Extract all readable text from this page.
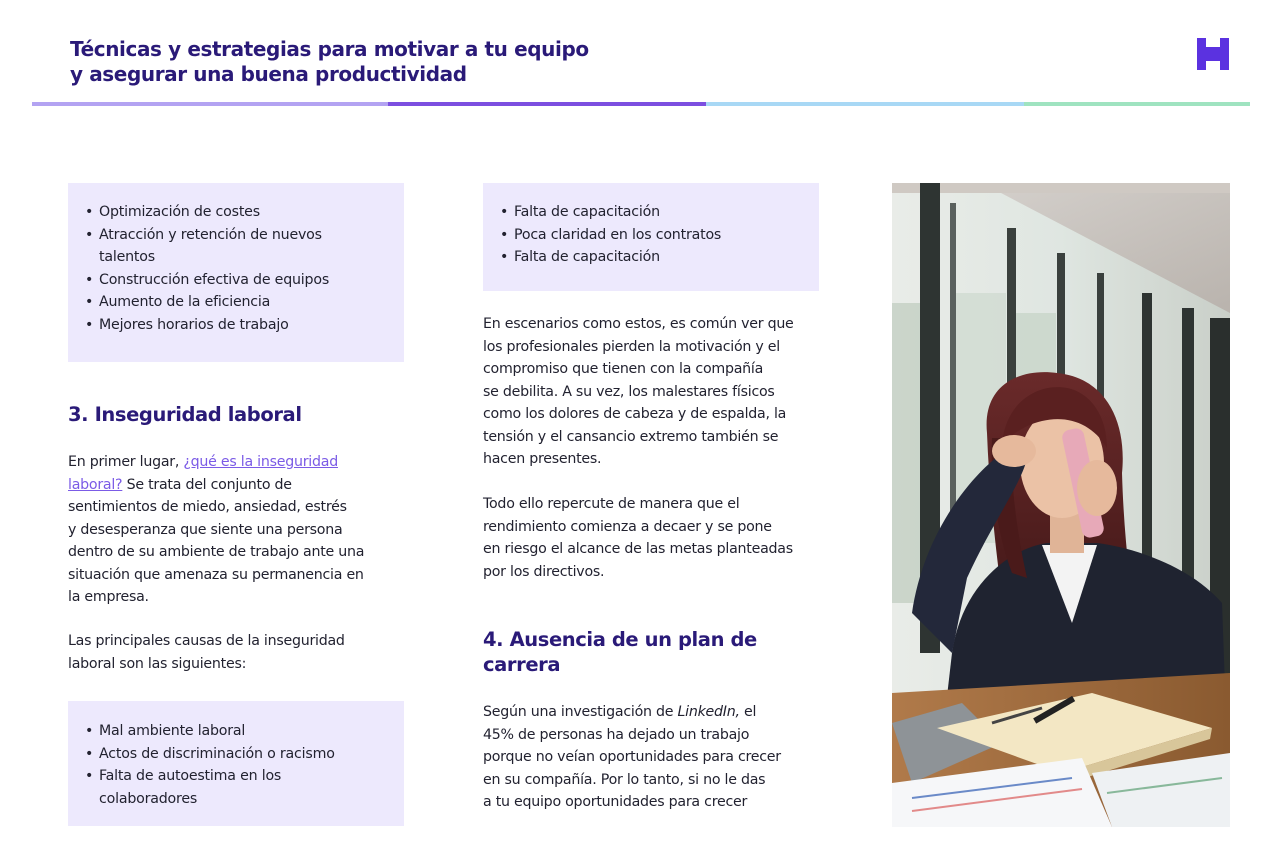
Técnicas y estrategias para motivar a tu equipo
y asegurar una buena productividad
• Optimización de costes
• Atracción y retención de nuevos
talentos
• Construcción efectiva de equipos
• Aumento de la eficiencia
• Mejores horarios de trabajo
3. Inseguridad laboral
En primer lugar, ¿qué es la inseguridad
laboral? Se trata del conjunto de
sentimientos de miedo, ansiedad, estrés
y desesperanza que siente una persona
dentro de su ambiente de trabajo ante una
situación que amenaza su permanencia en
la empresa.
Las principales causas de la inseguridad
laboral son las siguientes:
• Mal ambiente laboral
• Actos de discriminación o racismo
• Falta de autoestima en los
colaboradores
• Falta de capacitación
• Poca claridad en los contratos
• Falta de capacitación
En escenarios como estos, es común ver que
los profesionales pierden la motivación y el
compromiso que tienen con la compañía
se debilita. A su vez, los malestares físicos
como los dolores de cabeza y de espalda, la
tensión y el cansancio extremo también se
hacen presentes.
Todo ello repercute de manera que el
rendimiento comienza a decaer y se pone
en riesgo el alcance de las metas planteadas
por los directivos.
4. Ausencia de un plan de
carrera
Según una investigación de LinkedIn, el
45% de personas ha dejado un trabajo
porque no veían oportunidades para crecer
en su compañía. Por lo tanto, si no le das
a tu equipo oportunidades para crecer
